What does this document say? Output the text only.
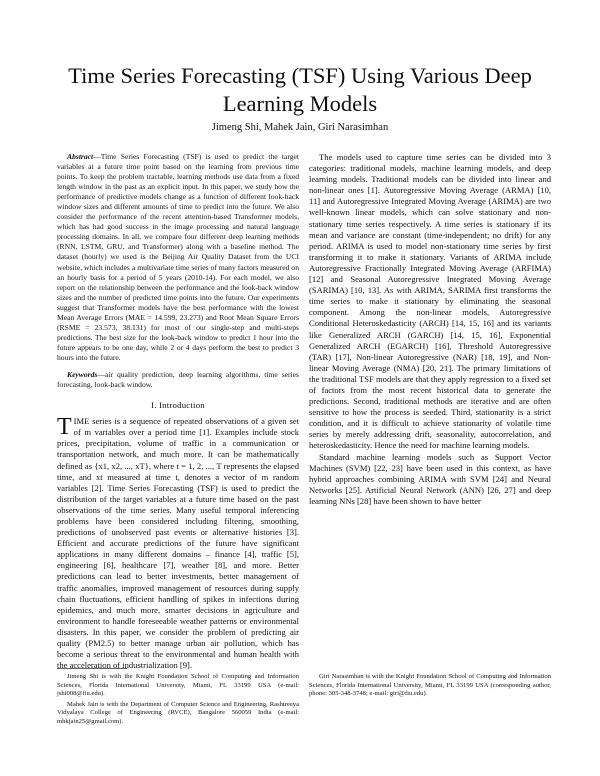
Time Series Forecasting (TSF) Using Various Deep Learning Models
Jimeng Shi, Mahek Jain, Giri Narasimhan

Abstract—Time Series Forecasting (TSF) is used to predict the target variables at a future time point based on the learning from previous time points. To keep the problem tractable, learning methods use data from a fixed length window in the past as an explicit input. In this paper, we study how the performance of predictive models change as a function of different look-back window sizes and different amounts of time to predict into the future. We also consider the performance of the recent attention-based Transformer models, which has had good success in the image processing and natural language processing domains. In all, we compare four different deep learning methods (RNN, LSTM, GRU, and Transformer) along with a baseline method. The dataset (hourly) we used is the Beijing Air Quality Dataset from the UCI website, which includes a multivariate time series of many factors measured on an hourly basis for a period of 5 years (2010-14). For each model, we also report on the relationship between the performance and the look-back window sizes and the number of predicted time points into the future. Our experiments suggest that Transformer models have the best performance with the lowest Mean Average Errors (MAE = 14.599, 23.273) and Root Mean Square Errors (RSME = 23.573, 38.131) for most of our single-step and multi-steps predictions. The best size for the look-back window to predict 1 hour into the future appears to be one day, while 2 or 4 days perform the best to predict 3 hours into the future.

Keywords—air quality prediction, deep learning algorithms, time series forecasting, look-back window.

I. Introduction

TIME series is a sequence of repeated observations of a given set of m variables over a period time [1]. Examples include stock prices, precipitation, volume of traffic in a communication or transportation network, and much more. It can be mathematically defined as {x1, x2, ..., xT}, where t = 1, 2, ..., T represents the elapsed time, and xt measured at time t, denotes a vector of m random variables [2]. Time Series Forecasting (TSF) is used to predict the distribution of the target variables at a future time based on the past observations of the time series. Many useful temporal inferencing problems have been considered including filtering, smoothing, predictions of unobserved past events or alternative histories [3]. Efficient and accurate predictions of the future have significant applications in many different domains – finance [4], traffic [5], engineering [6], healthcare [7], weather [8], and more. Better predictions can lead to better investments, better management of traffic anomalies, improved management of resources during supply chain fluctuations, efficient handling of spikes in infections during epidemics, and much more, smarter decisions in agriculture and environment to handle foreseeable weather patterns or environmental disasters. In this paper, we consider the problem of predicting air quality (PM2.5) to better manage urban air pollution, which has become a serious threat to the environmental and human health with the acceleration of industrialization [9].

The models used to capture time series can be divided into 3 categories: traditional models, machine learning models, and deep learning models. Traditional models can be divided into linear and non-linear ones [1]. Autoregressive Moving Average (ARMA) [10, 11] and Autoregressive Integrated Moving Average (ARIMA) are two well-known linear models, which can solve stationary and non-stationary time series respectively. A time series is stationary if its mean and variance are constant (time-independent; no drift) for any period. ARIMA is used to model non-stationary time series by first transforming it to make it stationary. Variants of ARIMA include Autoregressive Fractionally Integrated Moving Average (ARFIMA) [12] and Seasonal Autoregressive Integrated Moving Average (SARIMA) [10, 13]. As with ARIMA, SARIMA first transforms the time series to make it stationary by eliminating the seasonal component. Among the non-linear models, Autoregressive Conditional Heteroskedasticity (ARCH) [14, 15, 16] and its variants like Generalized ARCH (GARCH) [14, 15, 16], Exponential Generalized ARCH (EGARCH) [16], Threshold Autoregressive (TAR) [17], Non-linear Autoregressive (NAR) [18, 19], and Non-linear Moving Average (NMA) [20, 21]. The primary limitations of the traditional TSF models are that they apply regression to a fixed set of factors from the most recent historical data to generate the predictions. Second, traditional methods are iterative and are often sensitive to how the process is seeded. Third, stationarity is a strict condition, and it is difficult to achieve stationarity of volatile time series by merely addressing drift, seasonality, autocorrelation, and heteroskedasticity. Hence the need for machine learning models.

Standard machine learning models such as Support Vector Machines (SVM) [22, 23] have been used in this context, as have hybrid approaches combining ARIMA with SVM [24] and Neural Networks [25]. Artificial Neural Network (ANN) [26, 27] and deep learning NNs [28] have been shown to have better

Jimeng Shi is with the Knight Foundation School of Computing and Information Sciences, Florida International University, Miami, FL 33199 USA (e-mail: jshi008@fiu.edu).

Mahek Jain is with the Department of Computer Science and Engineering, Rashtreeya Vidyalaya College of Engineering (RVCE), Bangalore 560059 India (e-mail: mhkjain25@gmail.com).

Giri Narasimhan is with the Knight Foundation School of Computing and Information Sciences, Florida International University, Miami, FL 33199 USA (corresponding author, phone: 305-348-3748; e-mail: giri@fiu.edu).
